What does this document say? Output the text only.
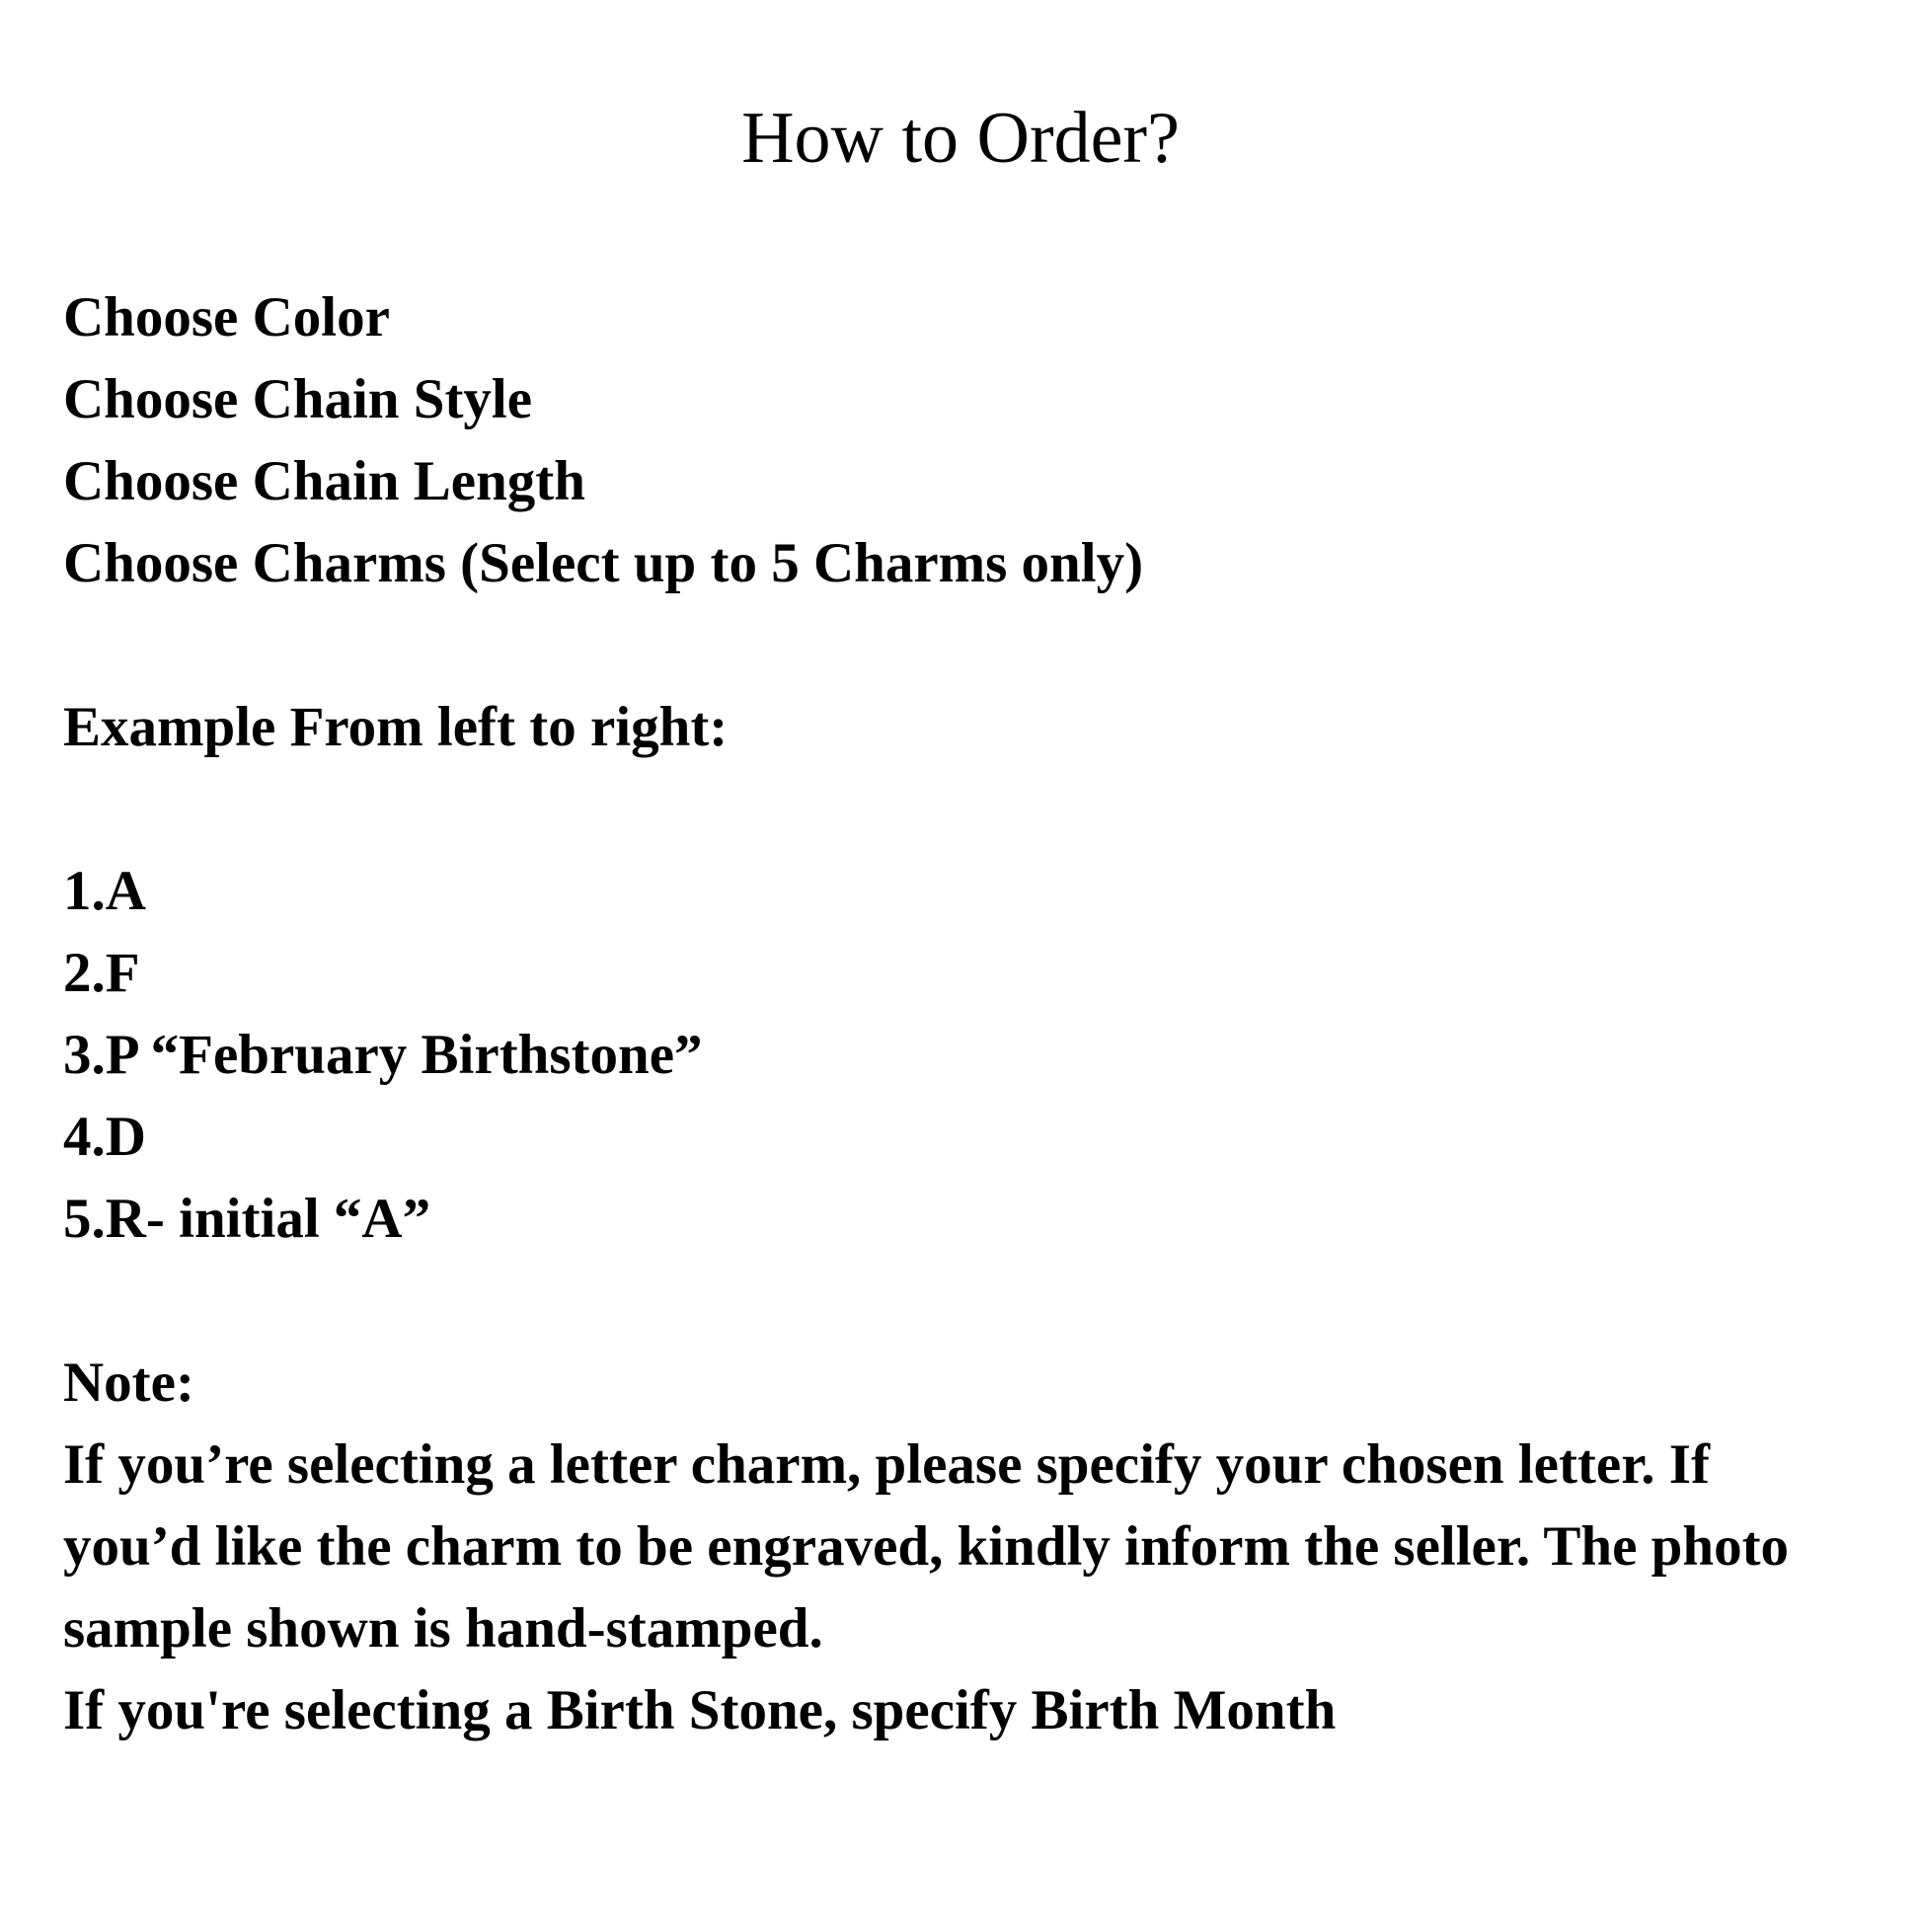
How to Order?
Choose Color
Choose Chain Style
Choose Chain Length
Choose Charms (Select up to 5 Charms only)
Example From left to right:
1.A
2.F
3.P “February Birthstone”
4.D
5.R- initial “A”
Note:
If you’re selecting a letter charm, please specify your chosen letter. If you’d like the charm to be engraved, kindly inform the seller. The photo sample shown is hand-stamped.
If you're selecting a Birth Stone, specify Birth Month
